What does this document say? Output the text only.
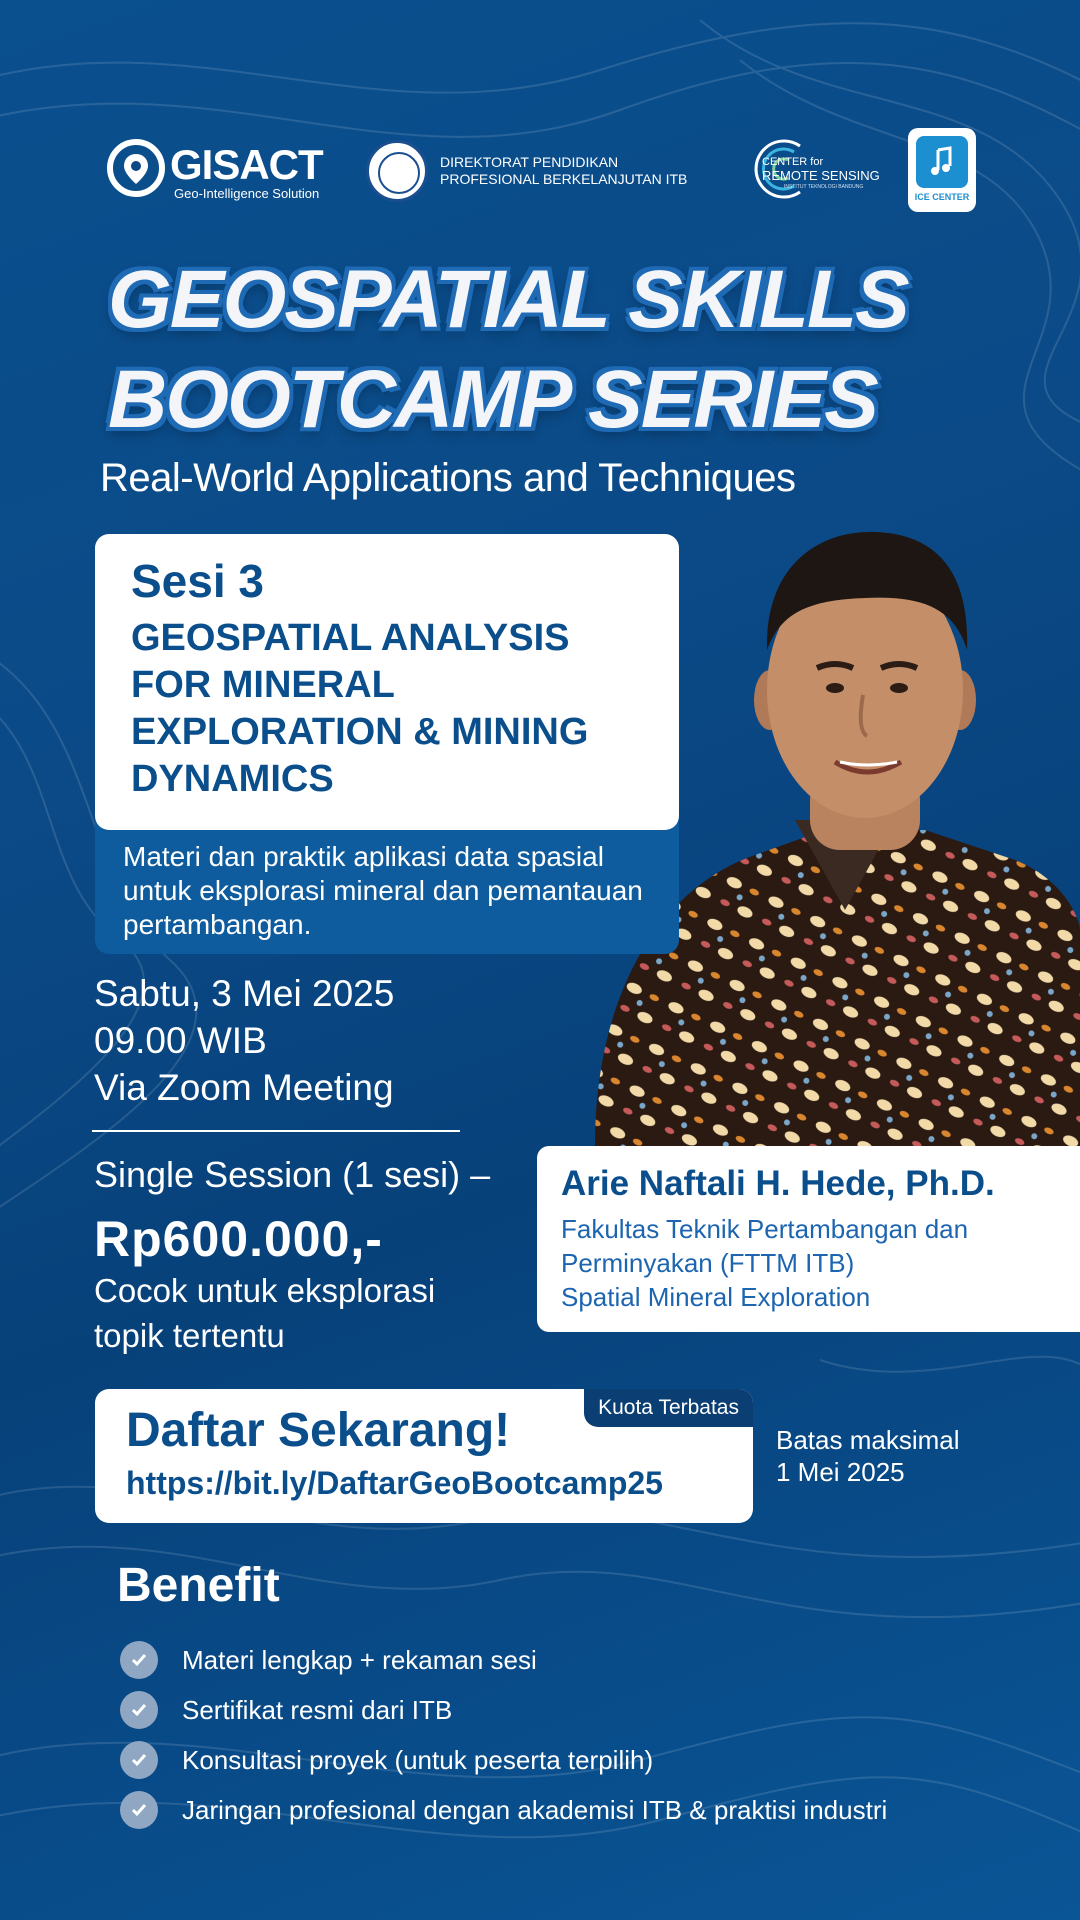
GISACT
Geo-Intelligence Solution
DIREKTORAT PENDIDIKAN
PROFESIONAL BERKELANJUTAN ITB
CENTER for
REMOTE SENSING
INSTITUT TEKNOLOGI BANDUNG
ICE CENTER
GEOSPATIAL SKILLS
BOOTCAMP SERIES
Real-World Applications and Techniques
Sesi 3
GEOSPATIAL ANALYSIS FOR MINERAL EXPLORATION & MINING DYNAMICS
Materi dan praktik aplikasi data spasial untuk eksplorasi mineral dan pemantauan pertambangan.
Sabtu, 3 Mei 2025
09.00 WIB
Via Zoom Meeting
Single Session (1 sesi) –
Rp600.000,-
Cocok untuk eksplorasi topik tertentu
Arie Naftali H. Hede, Ph.D.
Fakultas Teknik Pertambangan dan
Perminyakan (FTTM ITB)
Spatial Mineral Exploration
Daftar Sekarang!
https://bit.ly/DaftarGeoBootcamp25
Kuota Terbatas
Batas maksimal
1 Mei 2025
Benefit
Materi lengkap + rekaman sesi
Sertifikat resmi dari ITB
Konsultasi proyek (untuk peserta terpilih)
Jaringan profesional dengan akademisi ITB & praktisi industri
